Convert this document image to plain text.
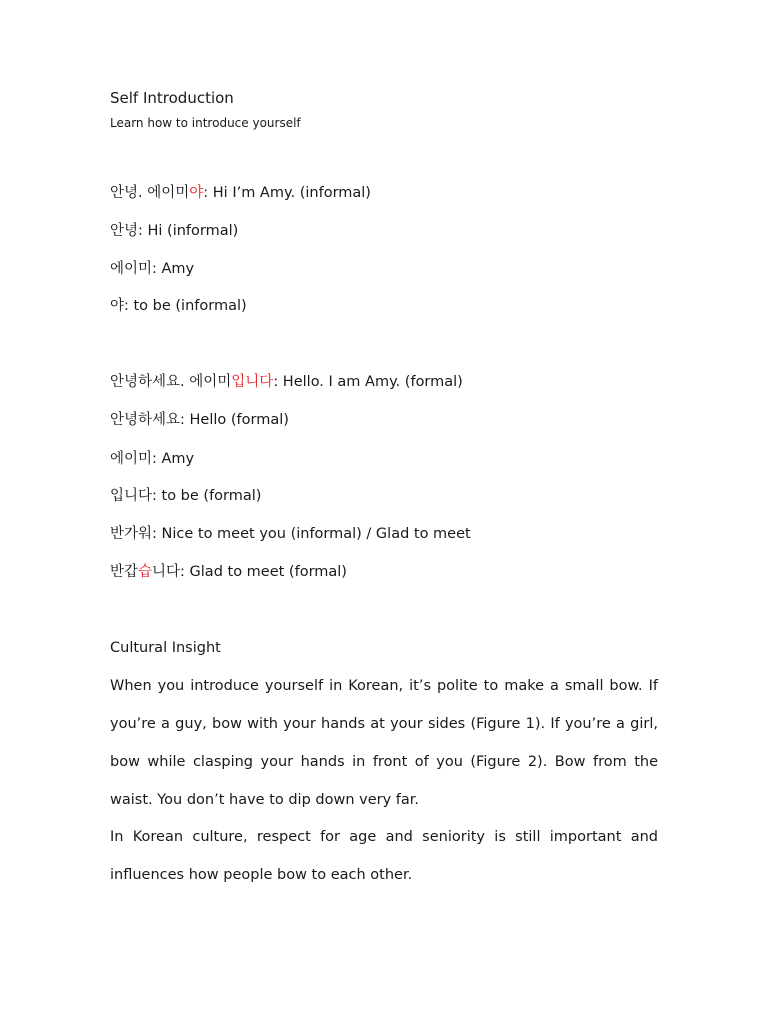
Self Introduction
Learn how to introduce yourself
안녕. 에이미야: Hi I’m Amy. (informal)
안녕: Hi (informal)
에이미: Amy
야: to be (informal)
안녕하세요. 에이미입니다: Hello. I am Amy. (formal)
안녕하세요: Hello (formal)
에이미: Amy
입니다: to be (formal)
반가워: Nice to meet you (informal) / Glad to meet
반갑습니다: Glad to meet (formal)
Cultural Insight
When you introduce yourself in Korean, it’s polite to make a small bow. If you’re a guy, bow with your hands at your sides (Figure 1). If you’re a girl, bow while clasping your hands in front of you (Figure 2). Bow from the waist. You don’t have to dip down very far.
In Korean culture, respect for age and seniority is still important and influences how people bow to each other.
